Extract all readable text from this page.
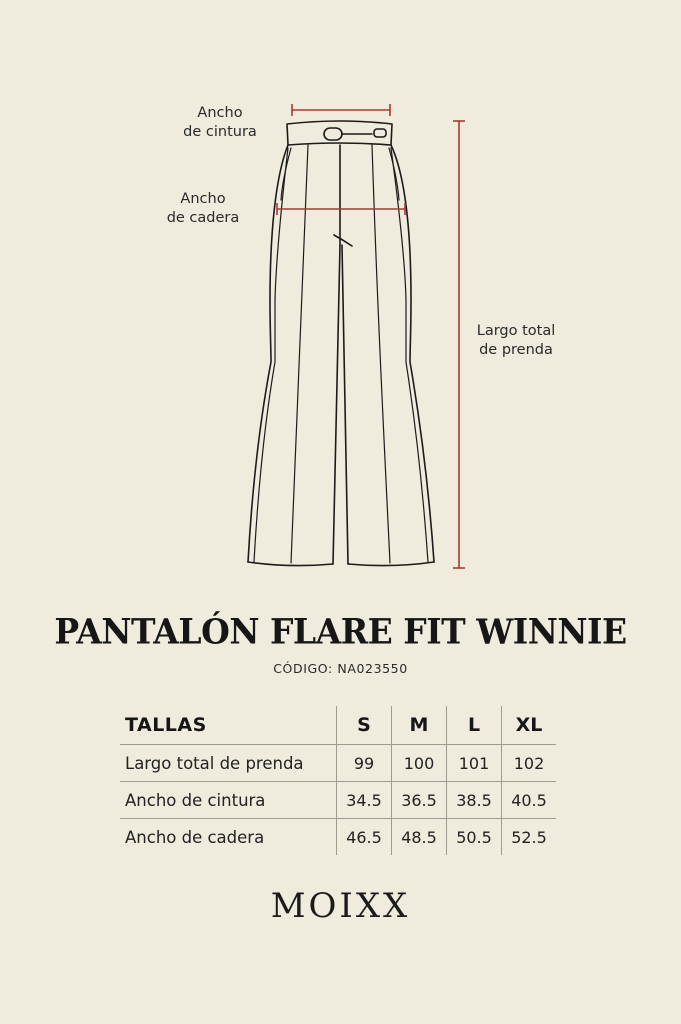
Ancho
de cintura
Ancho
de cadera
Largo total
de prenda
PANTALÓN FLARE FIT WINNIE
CÓDIGO: NA023550
TALLAS	S	M	L	XL
Largo total de prenda	99	100	101	102
Ancho de cintura	34.5	36.5	38.5	40.5
Ancho de cadera	46.5	48.5	50.5	52.5
MOIXX
